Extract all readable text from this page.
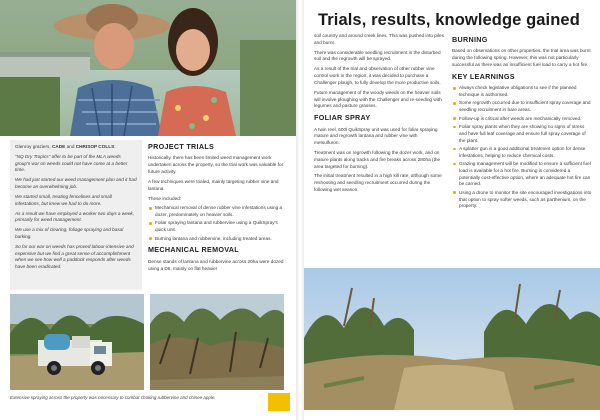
Glenroy graziers, CADE and CHRISOP COLLS:

"NQ Dry Tropics" offer to be part of the MLA weeds group's war on weeds could not have come at a better time.

We had just started our weed management plan and it had become an overwhelming job.

We started small, treating fencelines and small infestations, but knew we had to do more.

As a result we have employed a worker two days a week, primarily for weed management.

We use a mix of clearing, foliage spraying and basal barking.

So far our war on weeds has proved labour-intensive and expensive but we find a great sense of accomplishment when we see how well a paddock responds after weeds have been eradicated.

PROJECT TRIALS

Historically, there has been limited weed management work undertaken across the property, so the trial work was valuable for future activity.

A few techniques were trialed, mainly targeting rubber vine and lantana.

These included:

Mechanical removal of dense rubber vine infestations using a dozer, predominately on heavier soils.
Foliar spraying lantana and rubbervine using a QuikSpray's quick unit.
Burning lantana and rubbervine, including treated areas.
MECHANICAL REMOVAL

Dense stands of lantana and rubbervine across 20ha were dozed using a D6, mainly on flat heavier

Extensive spraying across the property was necessary to combat choking rubbervine and chinee apple.
Trials, results, knowledge gained

soil country and around creek lines. This was pushed into piles and burnt.

There was considerable seedling recruitment in the disturbed soil and the regrowth will be sprayed.

As a result of the trial and observation of other rubber vine control work in the region, it was decided to purchase a Challenger plough, to fully develop the more productive soils.

Future management of the woody weeds on the heavier soils will involve ploughing with the Challenger and re-seeding with legumes and pasture grasses.

FOLIAR SPRAY

A twin reel, 600l QuikSpray unit was used for foliar spraying mature and regrowth lantana and rubber vine with metsulfuron.

Treatment was on regrowth following the dozer work, and on mature plants along tracks and fire breaks across 280ha (the area targeted for burning).

The initial treatment resulted in a high kill rate, although some reshooting and seedling recruitment occurred during the following wet season.

BURNING

Based on observations on other properties, the trial area was burnt during the following spring. However, this was not particularly successful as there was an insufficient fuel load to carry a hot fire.

KEY LEARNINGS
Always check legislative obligations to see if the planned technique is authorised.
Some regrowth occurred due to insufficient spray coverage and seedling recruitment in bare areas.
Follow-up is critical after weeds are mechanically removed.
Foliar spray plants when they are showing no signs of stress and have full leaf coverage and ensure full spray coverage of the plant.
A splatter gun is a good additional treatment option for dense infestations, helping to reduce chemical costs.
Grazing management will be modified to ensure a sufficient fuel load is available for a hot fire. Burning is considered a potentially cost-effective option, where an adequate hot fire can be carried.
Using a drone to monitor the site encouraged investigations into that option to spray softer weeds, such as parthenium, on the property.
